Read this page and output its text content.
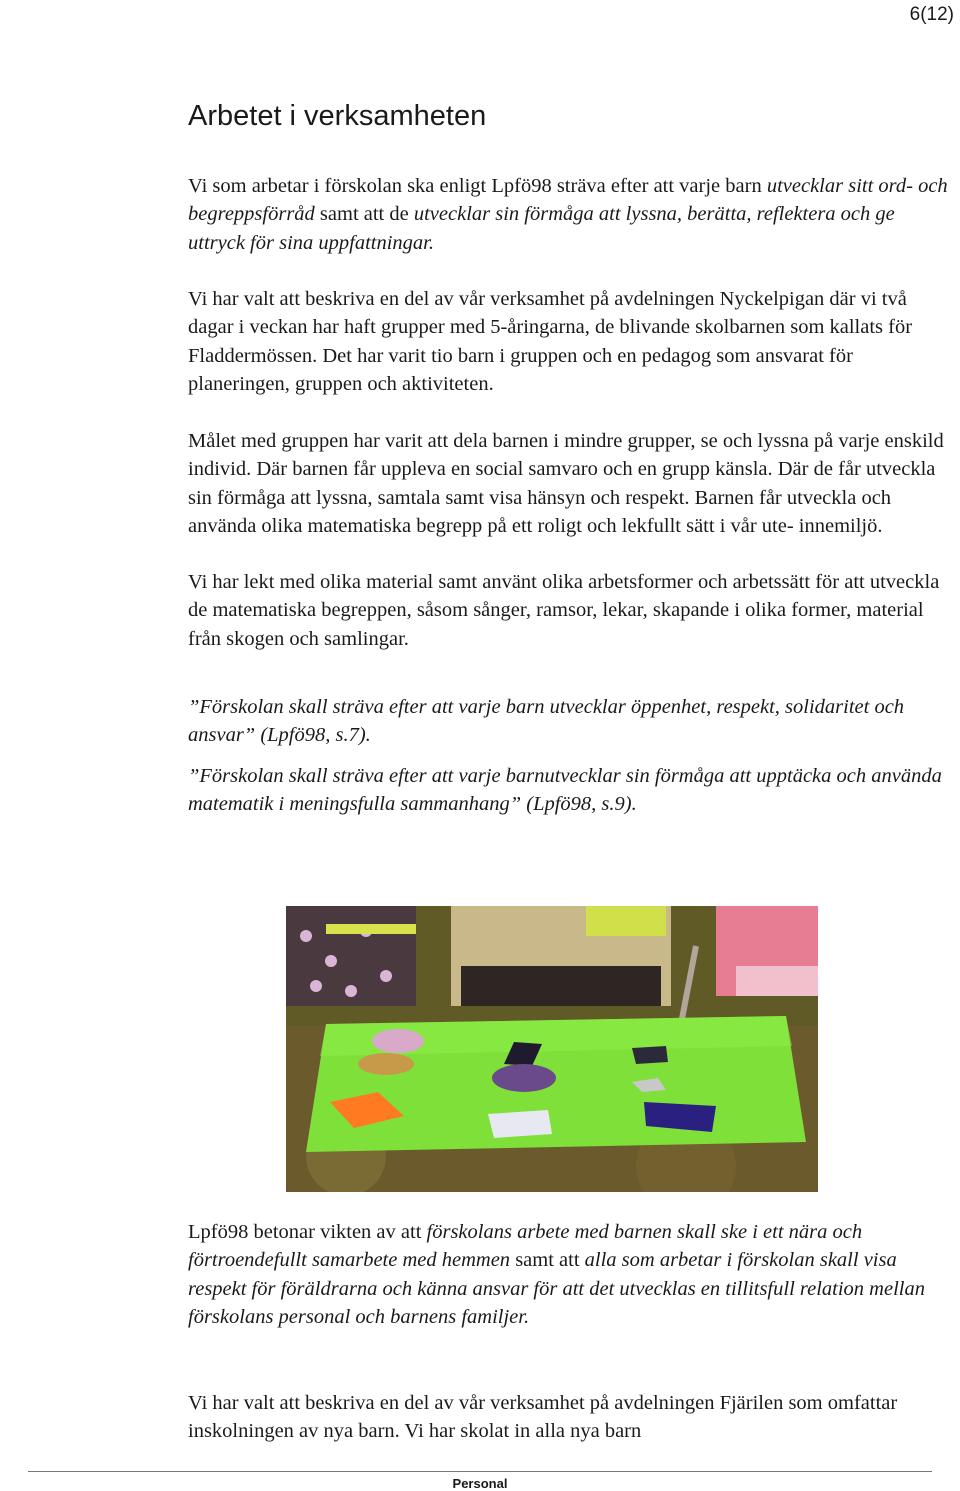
6(12)
Arbetet i verksamheten

Vi som arbetar i förskolan ska enligt Lpfö98 sträva efter att varje barn utvecklar sitt ord- och begreppsförråd samt att de utvecklar sin förmåga att lyssna, berätta, reflektera och ge uttryck för sina uppfattningar.

Vi har valt att beskriva en del av vår verksamhet på avdelningen Nyckelpigan där vi två dagar i veckan har haft grupper med 5-åringarna, de blivande skolbarnen som kallats för Fladdermössen. Det har varit tio barn i gruppen och en pedagog som ansvarat för planeringen, gruppen och aktiviteten.

Målet med gruppen har varit att dela barnen i mindre grupper, se och lyssna på varje enskild individ. Där barnen får uppleva en social samvaro och en grupp känsla. Där de får utveckla sin förmåga att lyssna, samtala samt visa hänsyn och respekt. Barnen får utveckla och använda olika matematiska begrepp på ett roligt och lekfullt sätt i vår ute- innemiljö.

Vi har lekt med olika material samt använt olika arbetsformer och arbetssätt för att utveckla de matematiska begreppen, såsom sånger, ramsor, lekar, skapande i olika former, material från skogen och samlingar.

”Förskolan skall sträva efter att varje barn utvecklar öppenhet, respekt, solidaritet och ansvar” (Lpfö98, s.7).

”Förskolan skall sträva efter att varje barnutvecklar sin förmåga att upptäcka och använda matematik i meningsfulla sammanhang” (Lpfö98, s.9).

Lpfö98 betonar vikten av att förskolans arbete med barnen skall ske i ett nära och förtroendefullt samarbete med hemmen samt att alla som arbetar i förskolan skall visa respekt för föräldrarna och känna ansvar för att det utvecklas en tillitsfull relation mellan förskolans personal och barnens familjer.

Vi har valt att beskriva en del av vår verksamhet på avdelningen Fjärilen som omfattar inskolningen av nya barn. Vi har skolat in alla nya barn

Personal
